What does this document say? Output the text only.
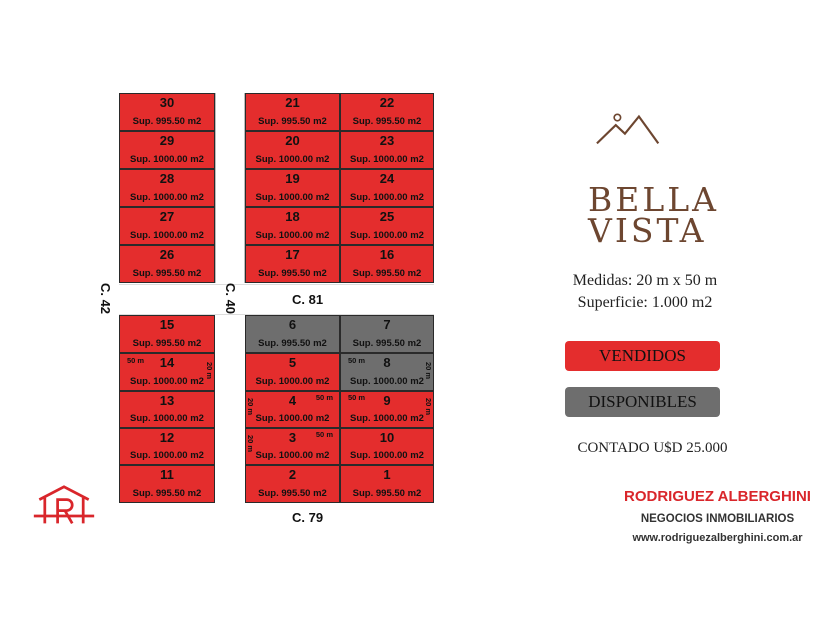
30
Sup. 995.50 m2
29
Sup. 1000.00 m2
28
Sup. 1000.00 m2
27
Sup. 1000.00 m2
26
Sup. 995.50 m2
21
Sup. 995.50 m2
20
Sup. 1000.00 m2
19
Sup. 1000.00 m2
18
Sup. 1000.00 m2
17
Sup. 995.50 m2
22
Sup. 995.50 m2
23
Sup. 1000.00 m2
24
Sup. 1000.00 m2
25
Sup. 1000.00 m2
16
Sup. 995.50 m2
15
Sup. 995.50 m2
14
50 m
20 m
Sup. 1000.00 m2
13
Sup. 1000.00 m2
12
Sup. 1000.00 m2
11
Sup. 995.50 m2
6
Sup. 995.50 m2
5
Sup. 1000.00 m2
4
20 m
50 m
Sup. 1000.00 m2
3
20 m
50 m
Sup. 1000.00 m2
2
Sup. 995.50 m2
7
Sup. 995.50 m2
8
50 m
20 m
Sup. 1000.00 m2
9
50 m
20 m
Sup. 1000.00 m2
10
Sup. 1000.00 m2
1
Sup. 995.50 m2
C. 81
C. 79
C. 42	C. 40
BELLA
VISTA
Medidas: 20 m x 50 m
Superficie: 1.000 m2
VENDIDOS
DISPONIBLES
CONTADO U$D 25.000
RODRIGUEZ ALBERGHINI
NEGOCIOS INMOBILIARIOS
www.rodriguezalberghini.com.ar
